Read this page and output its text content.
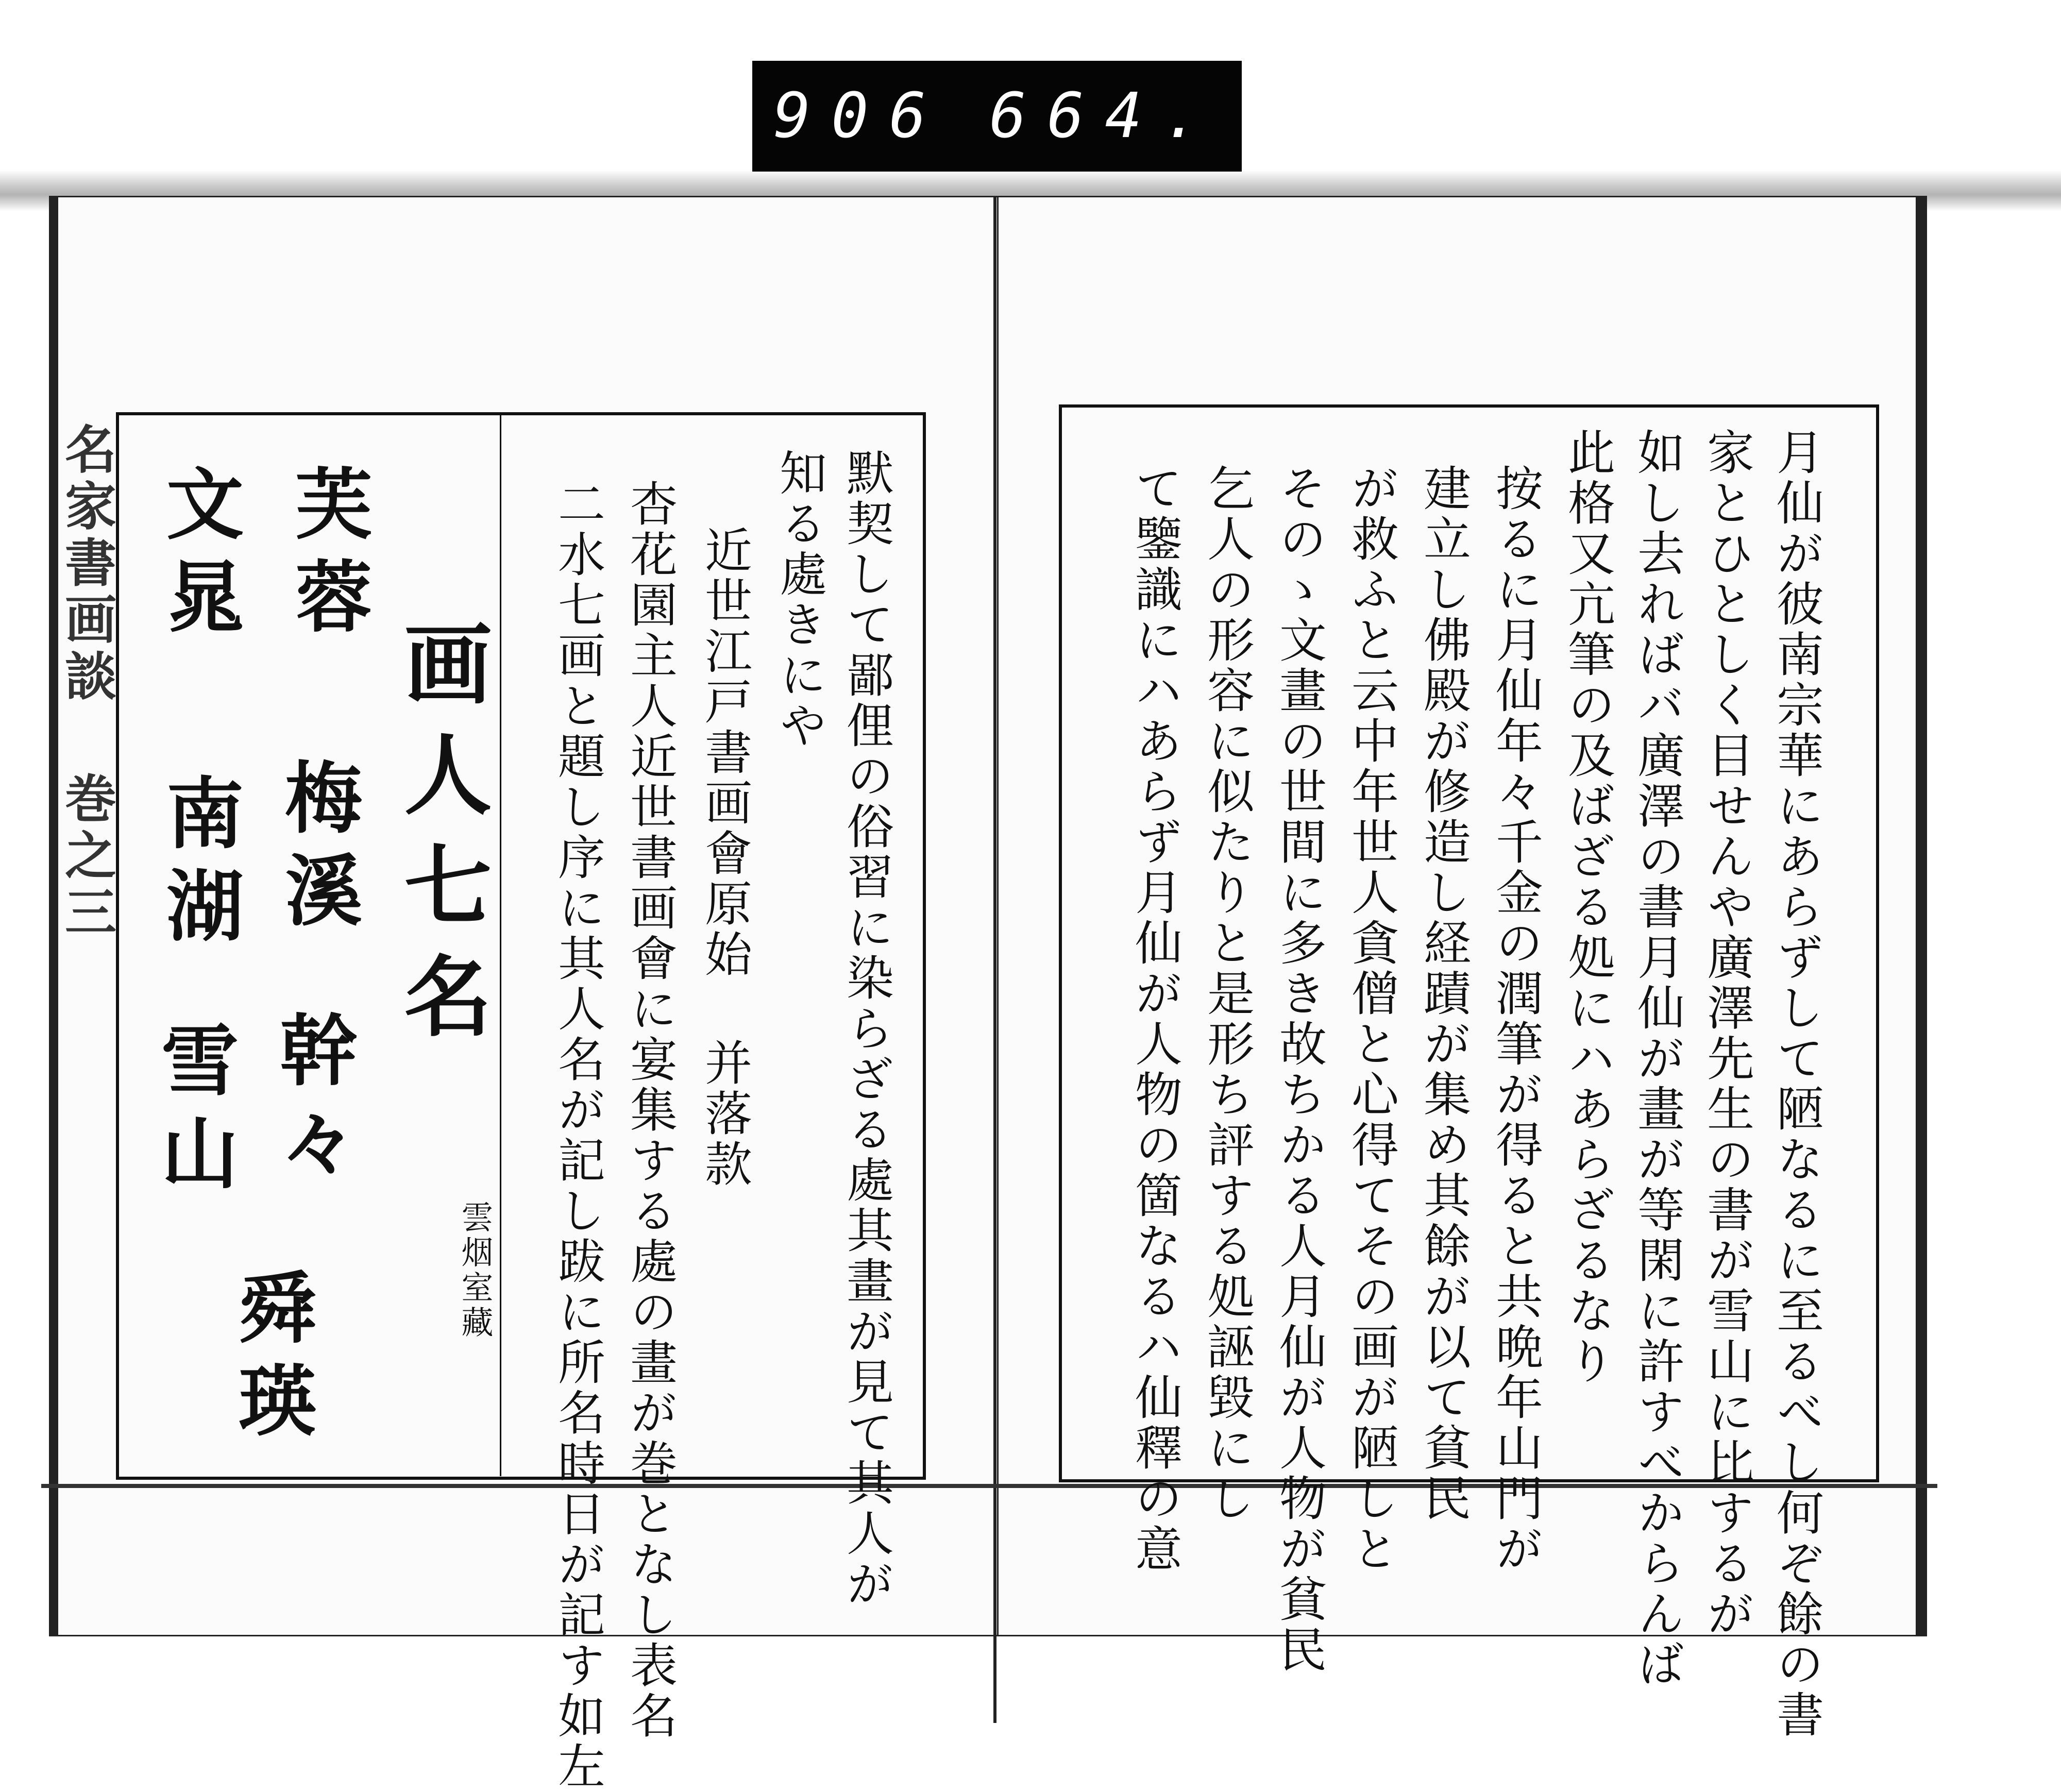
906 664.
名家書画談 巻之三	月仙が彼南宗華にあらずして陋なるに至るべし何ぞ餘の書
家とひとしく目せんや廣澤先生の書が雪山に比するが
如し去ればバ廣澤の書月仙が畫が等閑に許すべからんば
此格又亢筆の及ばざる処にハあらざるなり
按るに月仙年々千金の潤筆が得ると共晩年山門が
建立し佛殿が修造し経蹟が集め其餘が以て貧民
が救ふと云中年世人貪僧と心得てその画が陋しと
そのゝ文畫の世間に多き故ちかる人月仙が人物が貧民
乞人の形容に似たりと是形ち評する処誣毀にし
て鑒識にハあらず月仙が人物の箇なるハ仙釋の意
默契して鄙俚の俗習に染らざる處其畫が見て其人が
知る處きにや
近世江戸書画會原始 并落款
杏花園主人近世書画會に宴集する處の畫が巻となし表名
二水七画と題し序に其人名が記し跋に所名時日が記す如左
雲烟室藏
画人七名
芙蓉
梅溪
文晁
南湖
幹々
雪山
舜瑛
